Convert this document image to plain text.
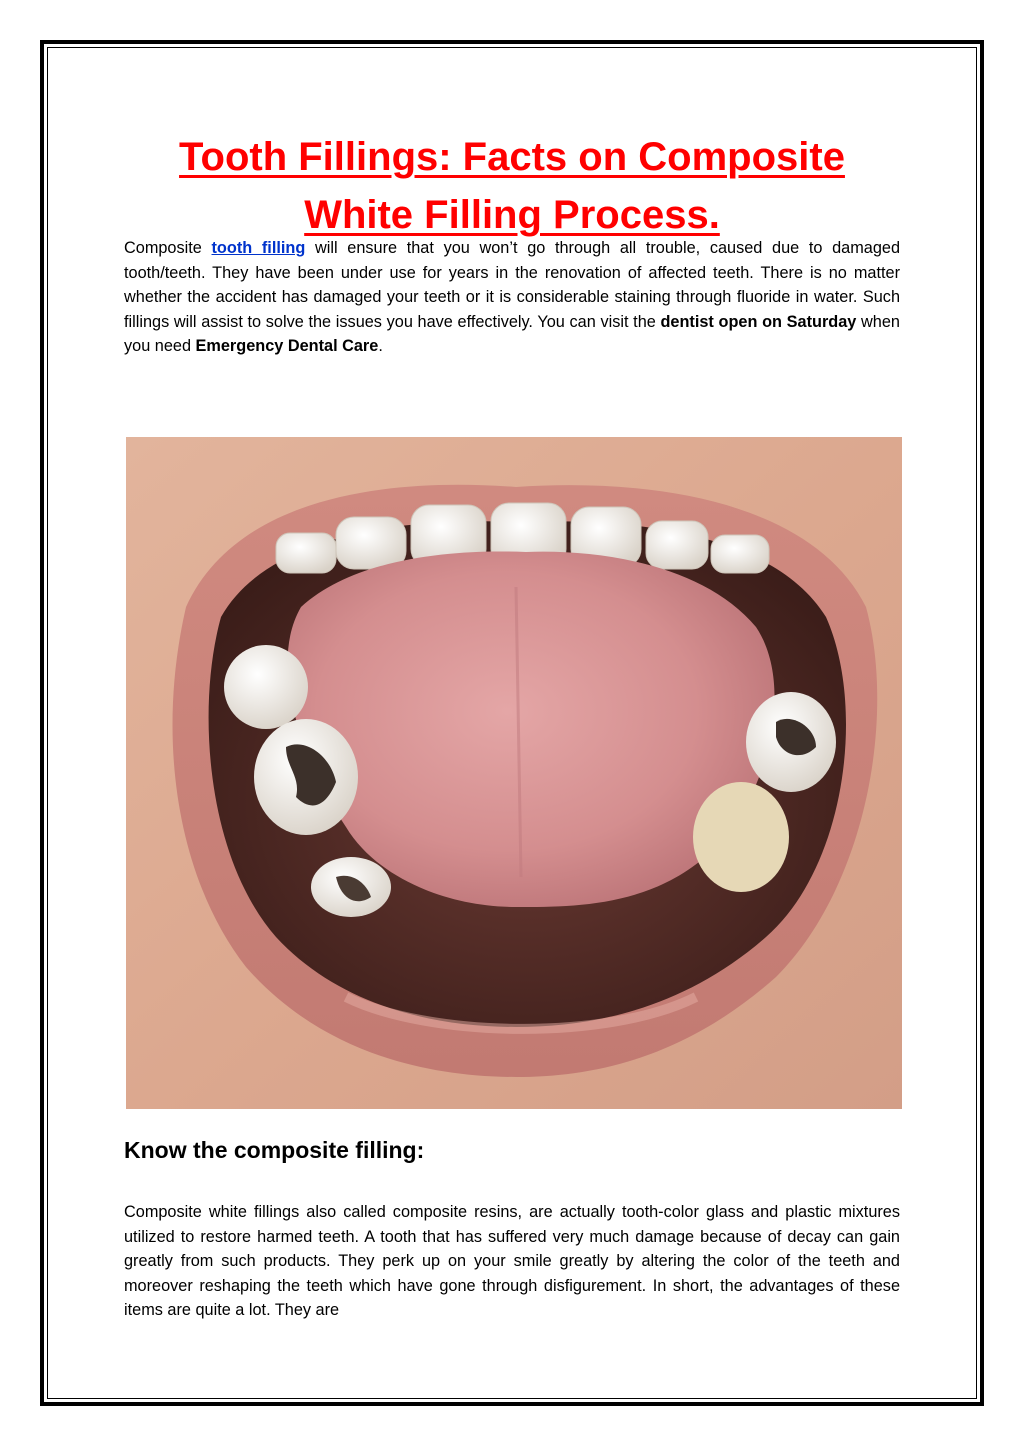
Tooth Fillings: Facts on Composite
White Filling Process.

Composite tooth filling will ensure that you won’t go through all trouble, caused due to damaged tooth/teeth. They have been under use for years in the renovation of affected teeth. There is no matter whether the accident has damaged your teeth or it is considerable staining through fluoride in water. Such fillings will assist to solve the issues you have effectively. You can visit the dentist open on Saturday when you need Emergency Dental Care.

Know the composite filling:

Composite white fillings also called composite resins, are actually tooth-color glass and plastic mixtures utilized to restore harmed teeth. A tooth that has suffered very much damage because of decay can gain greatly from such products. They perk up on your smile greatly by altering the color of the teeth and moreover reshaping the teeth which have gone through disfigurement. In short, the advantages of these items are quite a lot. They are
